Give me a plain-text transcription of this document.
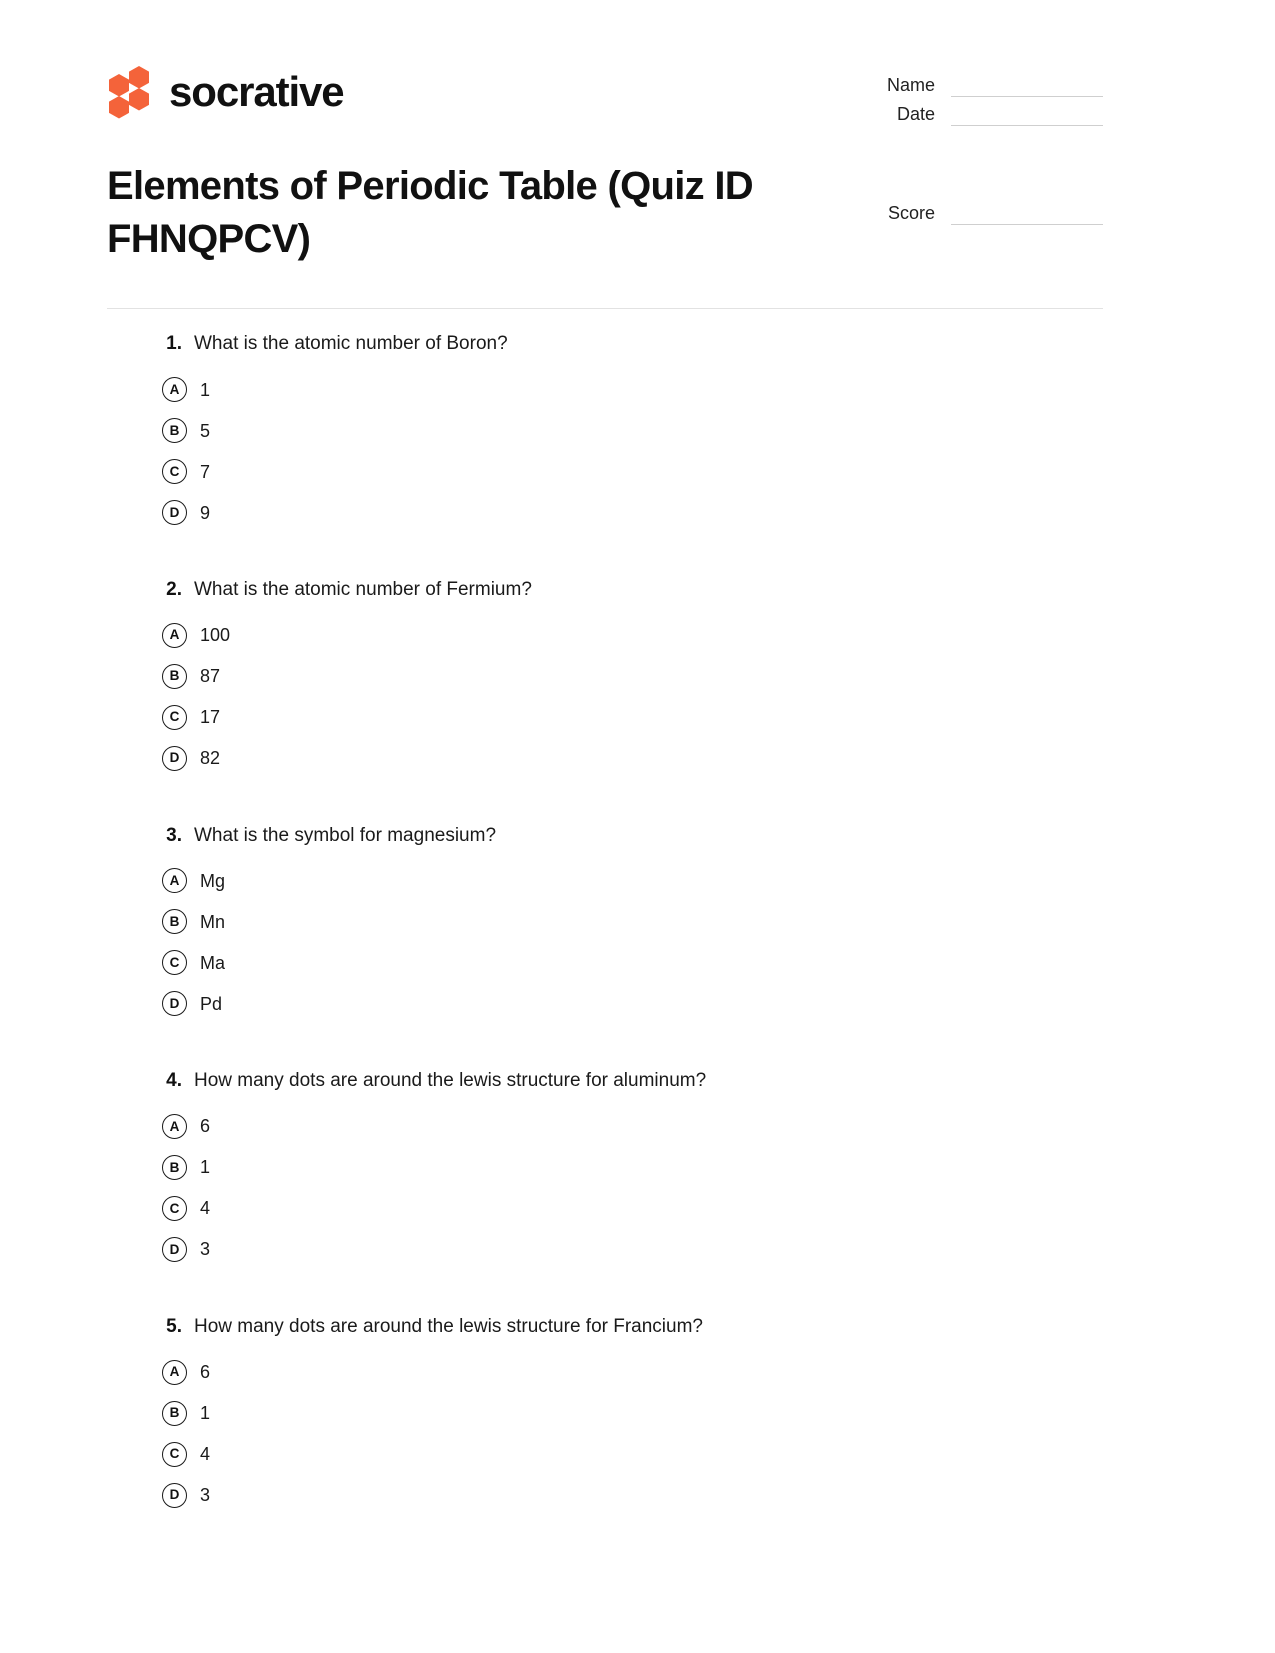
socrative
Elements of Periodic Table (Quiz ID FHNQPCV)
Name
Date
Score
1. What is the atomic number of Boron?
A	1
B	5
C	7
D	9
2. What is the atomic number of Fermium?
A	100
B	87
C	17
D	82
3. What is the symbol for magnesium?
A	Mg
B	Mn
C	Ma
D	Pd
4. How many dots are around the lewis structure for aluminum?
A	6
B	1
C	4
D	3
5. How many dots are around the lewis structure for Francium?
A	6
B	1
C	4
D	3
